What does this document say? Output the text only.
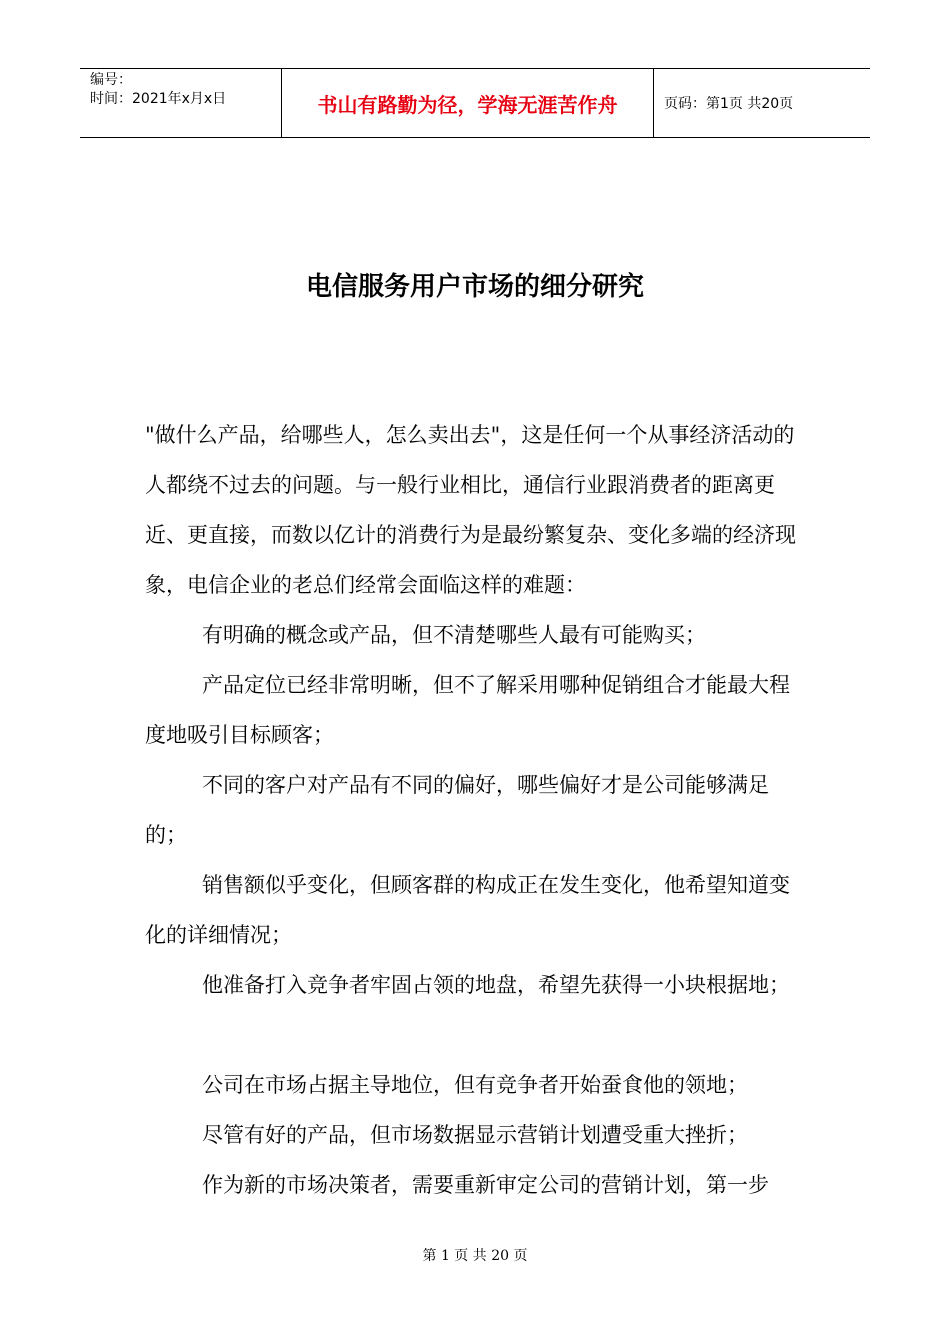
编号：
时间：2021年x月x日	书山有路勤为径，学海无涯苦作舟	页码：第1页 共20页
电信服务用户市场的细分研究

"做什么产品，给哪些人，怎么卖出去"，这是任何一个从事经济活动的人都绕不过去的问题。与一般行业相比，通信行业跟消费者的距离更近、更直接，而数以亿计的消费行为是最纷繁复杂、变化多端的经济现象，电信企业的老总们经常会面临这样的难题：

有明确的概念或产品，但不清楚哪些人最有可能购买；

产品定位已经非常明晰，但不了解采用哪种促销组合才能最大程度地吸引目标顾客；

不同的客户对产品有不同的偏好，哪些偏好才是公司能够满足的；

销售额似乎变化，但顾客群的构成正在发生变化，他希望知道变化的详细情况；

他准备打入竞争者牢固占领的地盘，希望先获得一小块根据地；

公司在市场占据主导地位，但有竞争者开始蚕食他的领地；

尽管有好的产品，但市场数据显示营销计划遭受重大挫折；

作为新的市场决策者，需要重新审定公司的营销计划，第一步

第 1 页 共 20 页
